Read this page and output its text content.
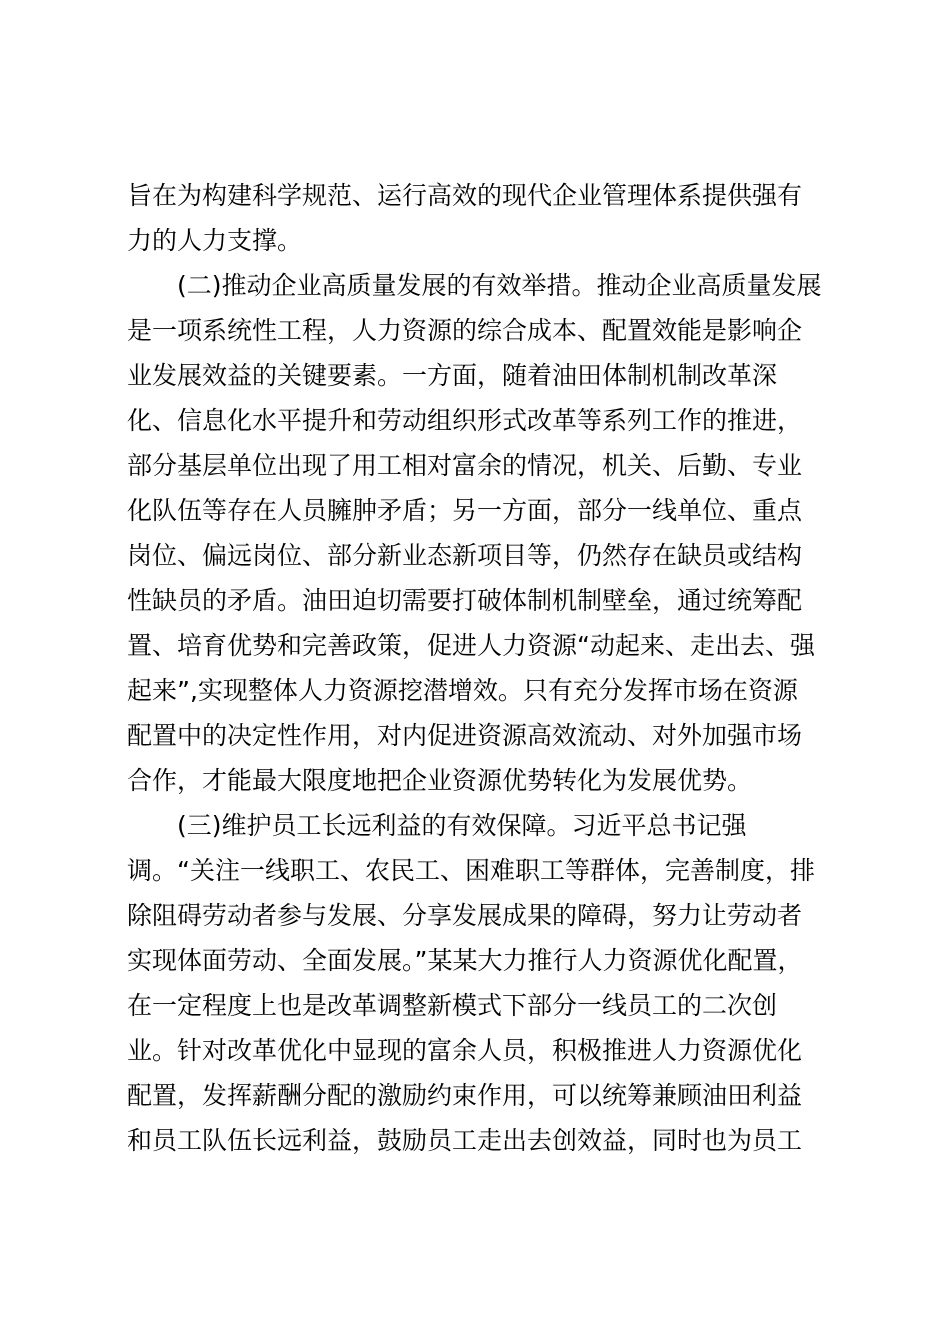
旨在为构建科学规范、运行高效的现代企业管理体系提供强有
力的人力支撑。
(二)推动企业高质量发展的有效举措。推动企业高质量发展
是一项系统性工程，人力资源的综合成本、配置效能是影响企
业发展效益的关键要素。一方面，随着油田体制机制改革深
化、信息化水平提升和劳动组织形式改革等系列工作的推进，
部分基层单位出现了用工相对富余的情况，机关、后勤、专业
化队伍等存在人员臃肿矛盾；另一方面，部分一线单位、重点
岗位、偏远岗位、部分新业态新项目等，仍然存在缺员或结构
性缺员的矛盾。油田迫切需要打破体制机制壁垒，通过统筹配
置、培育优势和完善政策，促进人力资源“动起来、走出去、强
起来”,实现整体人力资源挖潜增效。只有充分发挥市场在资源
配置中的决定性作用，对内促进资源高效流动、对外加强市场
合作，才能最大限度地把企业资源优势转化为发展优势。
(三)维护员工长远利益的有效保障。习近平总书记强
调。“关注一线职工、农民工、困难职工等群体，完善制度，排
除阻碍劳动者参与发展、分享发展成果的障碍，努力让劳动者
实现体面劳动、全面发展。”某某大力推行人力资源优化配置，
在一定程度上也是改革调整新模式下部分一线员工的二次创
业。针对改革优化中显现的富余人员，积极推进人力资源优化
配置，发挥薪酬分配的激励约束作用，可以统筹兼顾油田利益
和员工队伍长远利益，鼓励员工走出去创效益，同时也为员工
